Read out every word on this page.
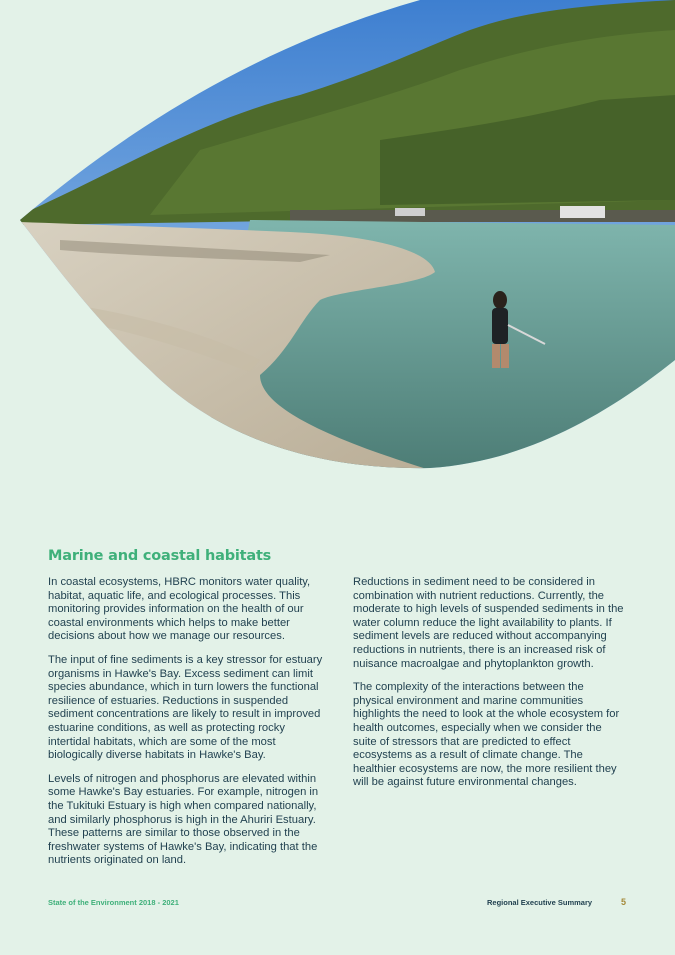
Marine and coastal habitats

In coastal ecosystems, HBRC monitors water quality, habitat, aquatic life, and ecological processes. This monitoring provides information on the health of our coastal environments which helps to make better decisions about how we manage our resources.

The input of fine sediments is a key stressor for estuary organisms in Hawke's Bay. Excess sediment can limit species abundance, which in turn lowers the functional resilience of estuaries. Reductions in suspended sediment concentrations are likely to result in improved estuarine conditions, as well as protecting rocky intertidal habitats, which are some of the most biologically diverse habitats in Hawke's Bay.

Levels of nitrogen and phosphorus are elevated within some Hawke's Bay estuaries. For example, nitrogen in the Tukituki Estuary is high when compared nationally, and similarly phosphorus is high in the Ahuriri Estuary. These patterns are similar to those observed in the freshwater systems of Hawke's Bay, indicating that the nutrients originated on land.

Reductions in sediment need to be considered in combination with nutrient reductions. Currently, the moderate to high levels of suspended sediments in the water column reduce the light availability to plants. If sediment levels are reduced without accompanying reductions in nutrients, there is an increased risk of nuisance macroalgae and phytoplankton growth.

The complexity of the interactions between the physical environment and marine communities highlights the need to look at the whole ecosystem for health outcomes, especially when we consider the suite of stressors that are predicted to effect ecosystems as a result of climate change. The healthier ecosystems are now, the more resilient they will be against future environmental changes.

State of the Environment 2018 - 2021	Regional Executive Summary	5
